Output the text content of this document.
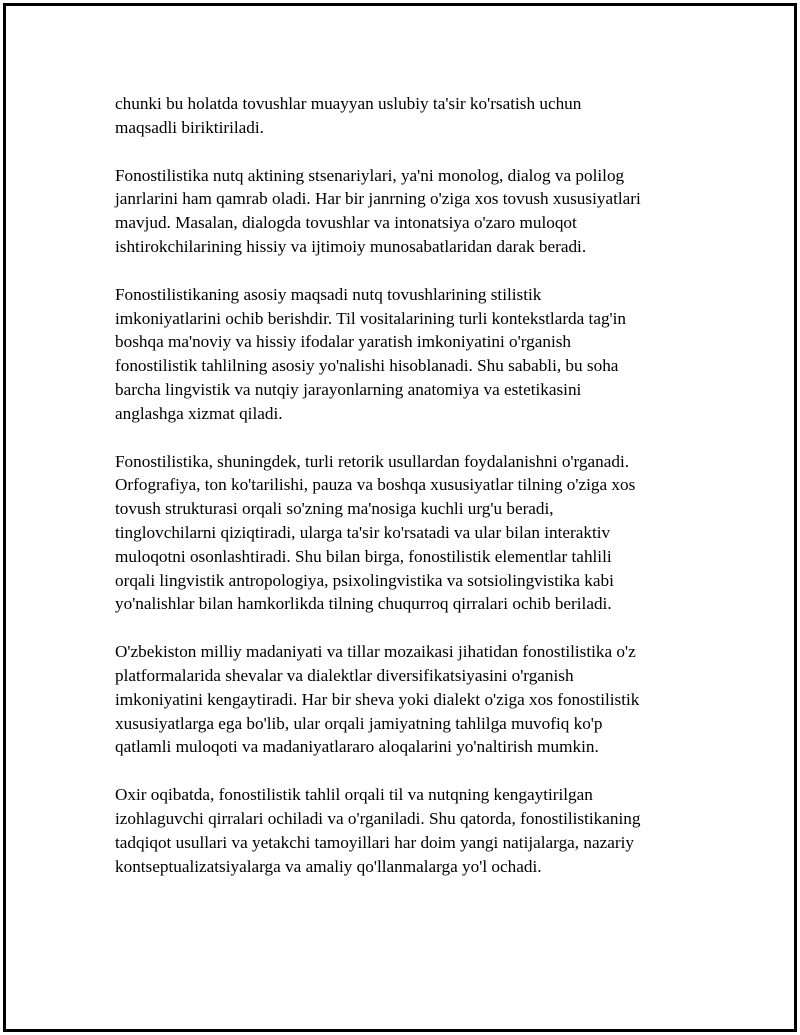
chunki bu holatda tovushlar muayyan uslubiy ta'sir ko'rsatish uchun
maqsadli biriktiriladi.

Fonostilistika nutq aktining stsenariylari, ya'ni monolog, dialog va polilog
janrlarini ham qamrab oladi. Har bir janrning o'ziga xos tovush xususiyatlari
mavjud. Masalan, dialogda tovushlar va intonatsiya o'zaro muloqot
ishtirokchilarining hissiy va ijtimoiy munosabatlaridan darak beradi.

Fonostilistikaning asosiy maqsadi nutq tovushlarining stilistik
imkoniyatlarini ochib berishdir. Til vositalarining turli kontekstlarda tag'in
boshqa ma'noviy va hissiy ifodalar yaratish imkoniyatini o'rganish
fonostilistik tahlilning asosiy yo'nalishi hisoblanadi. Shu sababli, bu soha
barcha lingvistik va nutqiy jarayonlarning anatomiya va estetikasini
anglashga xizmat qiladi.

Fonostilistika, shuningdek, turli retorik usullardan foydalanishni o'rganadi.
Orfografiya, ton ko'tarilishi, pauza va boshqa xususiyatlar tilning o'ziga xos
tovush strukturasi orqali so'zning ma'nosiga kuchli urg'u beradi,
tinglovchilarni qiziqtiradi, ularga ta'sir ko'rsatadi va ular bilan interaktiv
muloqotni osonlashtiradi. Shu bilan birga, fonostilistik elementlar tahlili
orqali lingvistik antropologiya, psixolingvistika va sotsiolingvistika kabi
yo'nalishlar bilan hamkorlikda tilning chuqurroq qirralari ochib beriladi.

O'zbekiston milliy madaniyati va tillar mozaikasi jihatidan fonostilistika o'z
platformalarida shevalar va dialektlar diversifikatsiyasini o'rganish
imkoniyatini kengaytiradi. Har bir sheva yoki dialekt o'ziga xos fonostilistik
xususiyatlarga ega bo'lib, ular orqali jamiyatning tahlilga muvofiq ko'p
qatlamli muloqoti va madaniyatlararo aloqalarini yo'naltirish mumkin.

Oxir oqibatda, fonostilistik tahlil orqali til va nutqning kengaytirilgan
izohlaguvchi qirralari ochiladi va o'rganiladi. Shu qatorda, fonostilistikaning
tadqiqot usullari va yetakchi tamoyillari har doim yangi natijalarga, nazariy
kontseptualizatsiyalarga va amaliy qo'llanmalarga yo'l ochadi.
